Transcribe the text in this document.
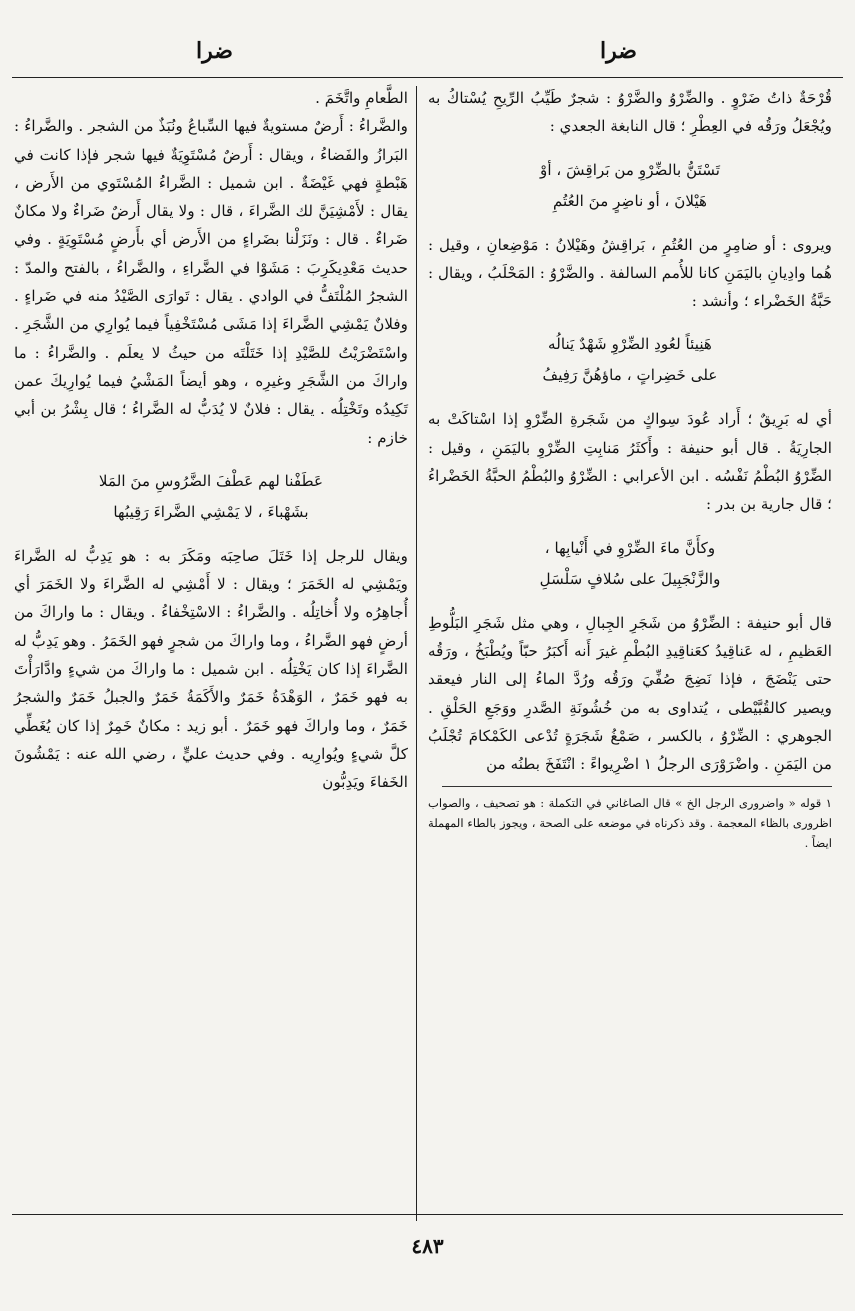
ضرا
ضرا

قُرْحَةٌ ذاتُ ضَرْوٍ . والضِّرْوُ والضَّرْوُ : شجرٌ طَيِّبُ الرِّيحِ يُسْتاكُ به ويُجْعَلُ ورَقُه في العِطْرِ ؛ قال النابغة الجعدي :

تَسْتَنُّ بالضِّرْوِ من بَراقِشَ ، أوْ
هَيْلانَ ، أو ناضِرٍ منَ العُتُمِ

ويروى : أو ضامِرٍ من العُتُمِ ، بَراقِشُ وهَيْلانُ : مَوْضِعانِ ، وقيل : هُما وادِيانِ باليَمَنِ كانا للأُمم السالفة . والضَّرْوُ : المَحْلَبُ ، ويقال : حَبَّةُ الخَضْراء ؛ وأنشد :

هَنِيئاً لعُودِ الضِّرْوِ شَهْدٌ يَنالُه
على خَضِراتٍ ، ماؤهُنَّ رَفِيفُ

أي له بَرِيقٌ ؛ أَراد عُودَ سِواكٍ من شَجَرةِ الضِّرْوِ إذا اسْتاكَتْ به الجارِيَةُ . قال أبو حنيفة : وأَكثَرُ مَنابِتِ الضِّرْوِ باليَمَنِ ، وقيل : الضِّرْوُ البُطْمُ نَفْسُه . ابن الأعرابي : الضِّرْوُ والبُطْمُ الحبَّةُ الخَضْراءُ ؛ قال جارية بن بدر :

وكأَنَّ ماءَ الضِّرْوِ في أَنْيابِها ،
والزَّنْجَبِيلَ على سُلافٍ سَلْسَلِ

قال أبو حنيفة : الضِّرْوُ من شَجَرِ الجِبالِ ، وهي مثل شَجَرِ البَلُّوطِ العَظيمِ ، له عَناقِيدُ كعَناقِيدِ البُطْمِ غيرَ أَنه أَكبَرُ حبّاً ويُطْبَخُ ، ورَقُه حتى يَنْضَجَ ، فإذا نَضِجَ صُفِّيَ ورَقُه ورُدَّ الماءُ إلى النار فيعقد ويصير كالقُبَّيْطى ، يُتداوى به من خُشُونَةِ الصَّدرِ ووَجَعِ الحَلْقِ . الجوهري : الضِّرْوُ ، بالكسر ، صَمْغُ شَجَرَةٍ تُدْعى الكَمْكامَ تُجْلَبُ من اليَمَنِ . واضْرَوْرَى الرجلُ ١ اضْرِيواءً : انْتَفَخَ بطنُه من

١ قوله « واضروری الرجل الخ » قال الصاغاني في التكملة : هو تصحيف ، والصواب اظروری بالظاء المعجمة . وقد ذكرناه في موضعه على الصحة ، ويجوز بالطاء المهملة ايضاً .

الطَّعامِ واتَّخَمَ .

والضَّراءُ : أَرضٌ مستويةٌ فيها السِّباعُ ونُبَذٌ من الشجر . والضَّراءُ : البَرازُ والفَضاءُ ، ويقال : أَرضٌ مُسْتَوِيَةٌ فيها شجر فإذا كانت في هَبْطةٍ فهي غَيْضَةٌ . ابن شميل : الضَّراءُ المُسْتَوي من الأَرض ، يقال : لأَمْشِيَنَّ لك الضَّراءَ ، قال : ولا يقال أَرضٌ ضَراءٌ ولا مكانٌ ضَراءٌ . قال : ونَزَلْنا بضَراءٍ من الأَرض أي بأَرضٍ مُسْتَوِيَةٍ . وفي حديث مَعْدِيكَرِبَ : مَشَوْا في الضَّراءِ ، والضَّراءُ ، بالفتح والمدّ : الشجرُ المُلْتَفُّ في الوادي . يقال : تَوارَى الصَّيْدُ منه في ضَراءٍ . وفلانٌ يَمْشِي الضَّراءَ إذا مَشَى مُسْتَخْفِياً فيما يُوارِي من الشَّجَرِ . واسْتَضْرَيْتُ للصَّيْدِ إذا خَتَلْتَه من حيثُ لا يعلَم . والضَّراءُ : ما واراكَ من الشَّجَرِ وغيرِه ، وهو أيضاً المَشْيُ فيما يُوارِيكَ عمن تَكِيدُه وتَخْتِلُه . يقال : فلانٌ لا يُدَبُّ له الضَّراءُ ؛ قال بِشْرُ بن أبي خازم :

عَطَفْنا لهم عَطْفَ الضَّرُوسِ منَ المَلا
بشَهْباءَ ، لا يَمْشِي الضَّراءَ رَقِيبُها

ويقال للرجل إذا خَتَلَ صاحِبَه ومَكَرَ به : هو يَدِبُّ له الضَّراءَ ويَمْشِي له الخَمَرَ ؛ ويقال : لا أَمْشِي له الضَّراءَ ولا الخَمَرَ أي أُجاهِرُه ولا أُخاتِلُه . والضَّراءُ : الاسْتِخْفاءُ . ويقال : ما واراكَ من أرضٍ فهو الضَّراءُ ، وما واراكَ من شجرٍ فهو الخَمَرُ . وهو يَدِبُّ له الضَّراءَ إذا كان يَخْتِلُه . ابن شميل : ما واراكَ من شيءٍ وادَّارَأْتَ به فهو خَمَرٌ ، الوَهْدَةُ خَمَرٌ والأَكَمَةُ خَمَرٌ والجبلُ خَمَرٌ والشجرُ خَمَرٌ ، وما واراكَ فهو خَمَرٌ . أبو زيد : مكانٌ خَمِرٌ إذا كان يُغَطِّي كلَّ شيءٍ ويُوارِيه . وفي حديث عليٍّ ، رضي الله عنه : يَمْشُونَ الخَفاءَ ويَدِبُّون

٤٨٣
